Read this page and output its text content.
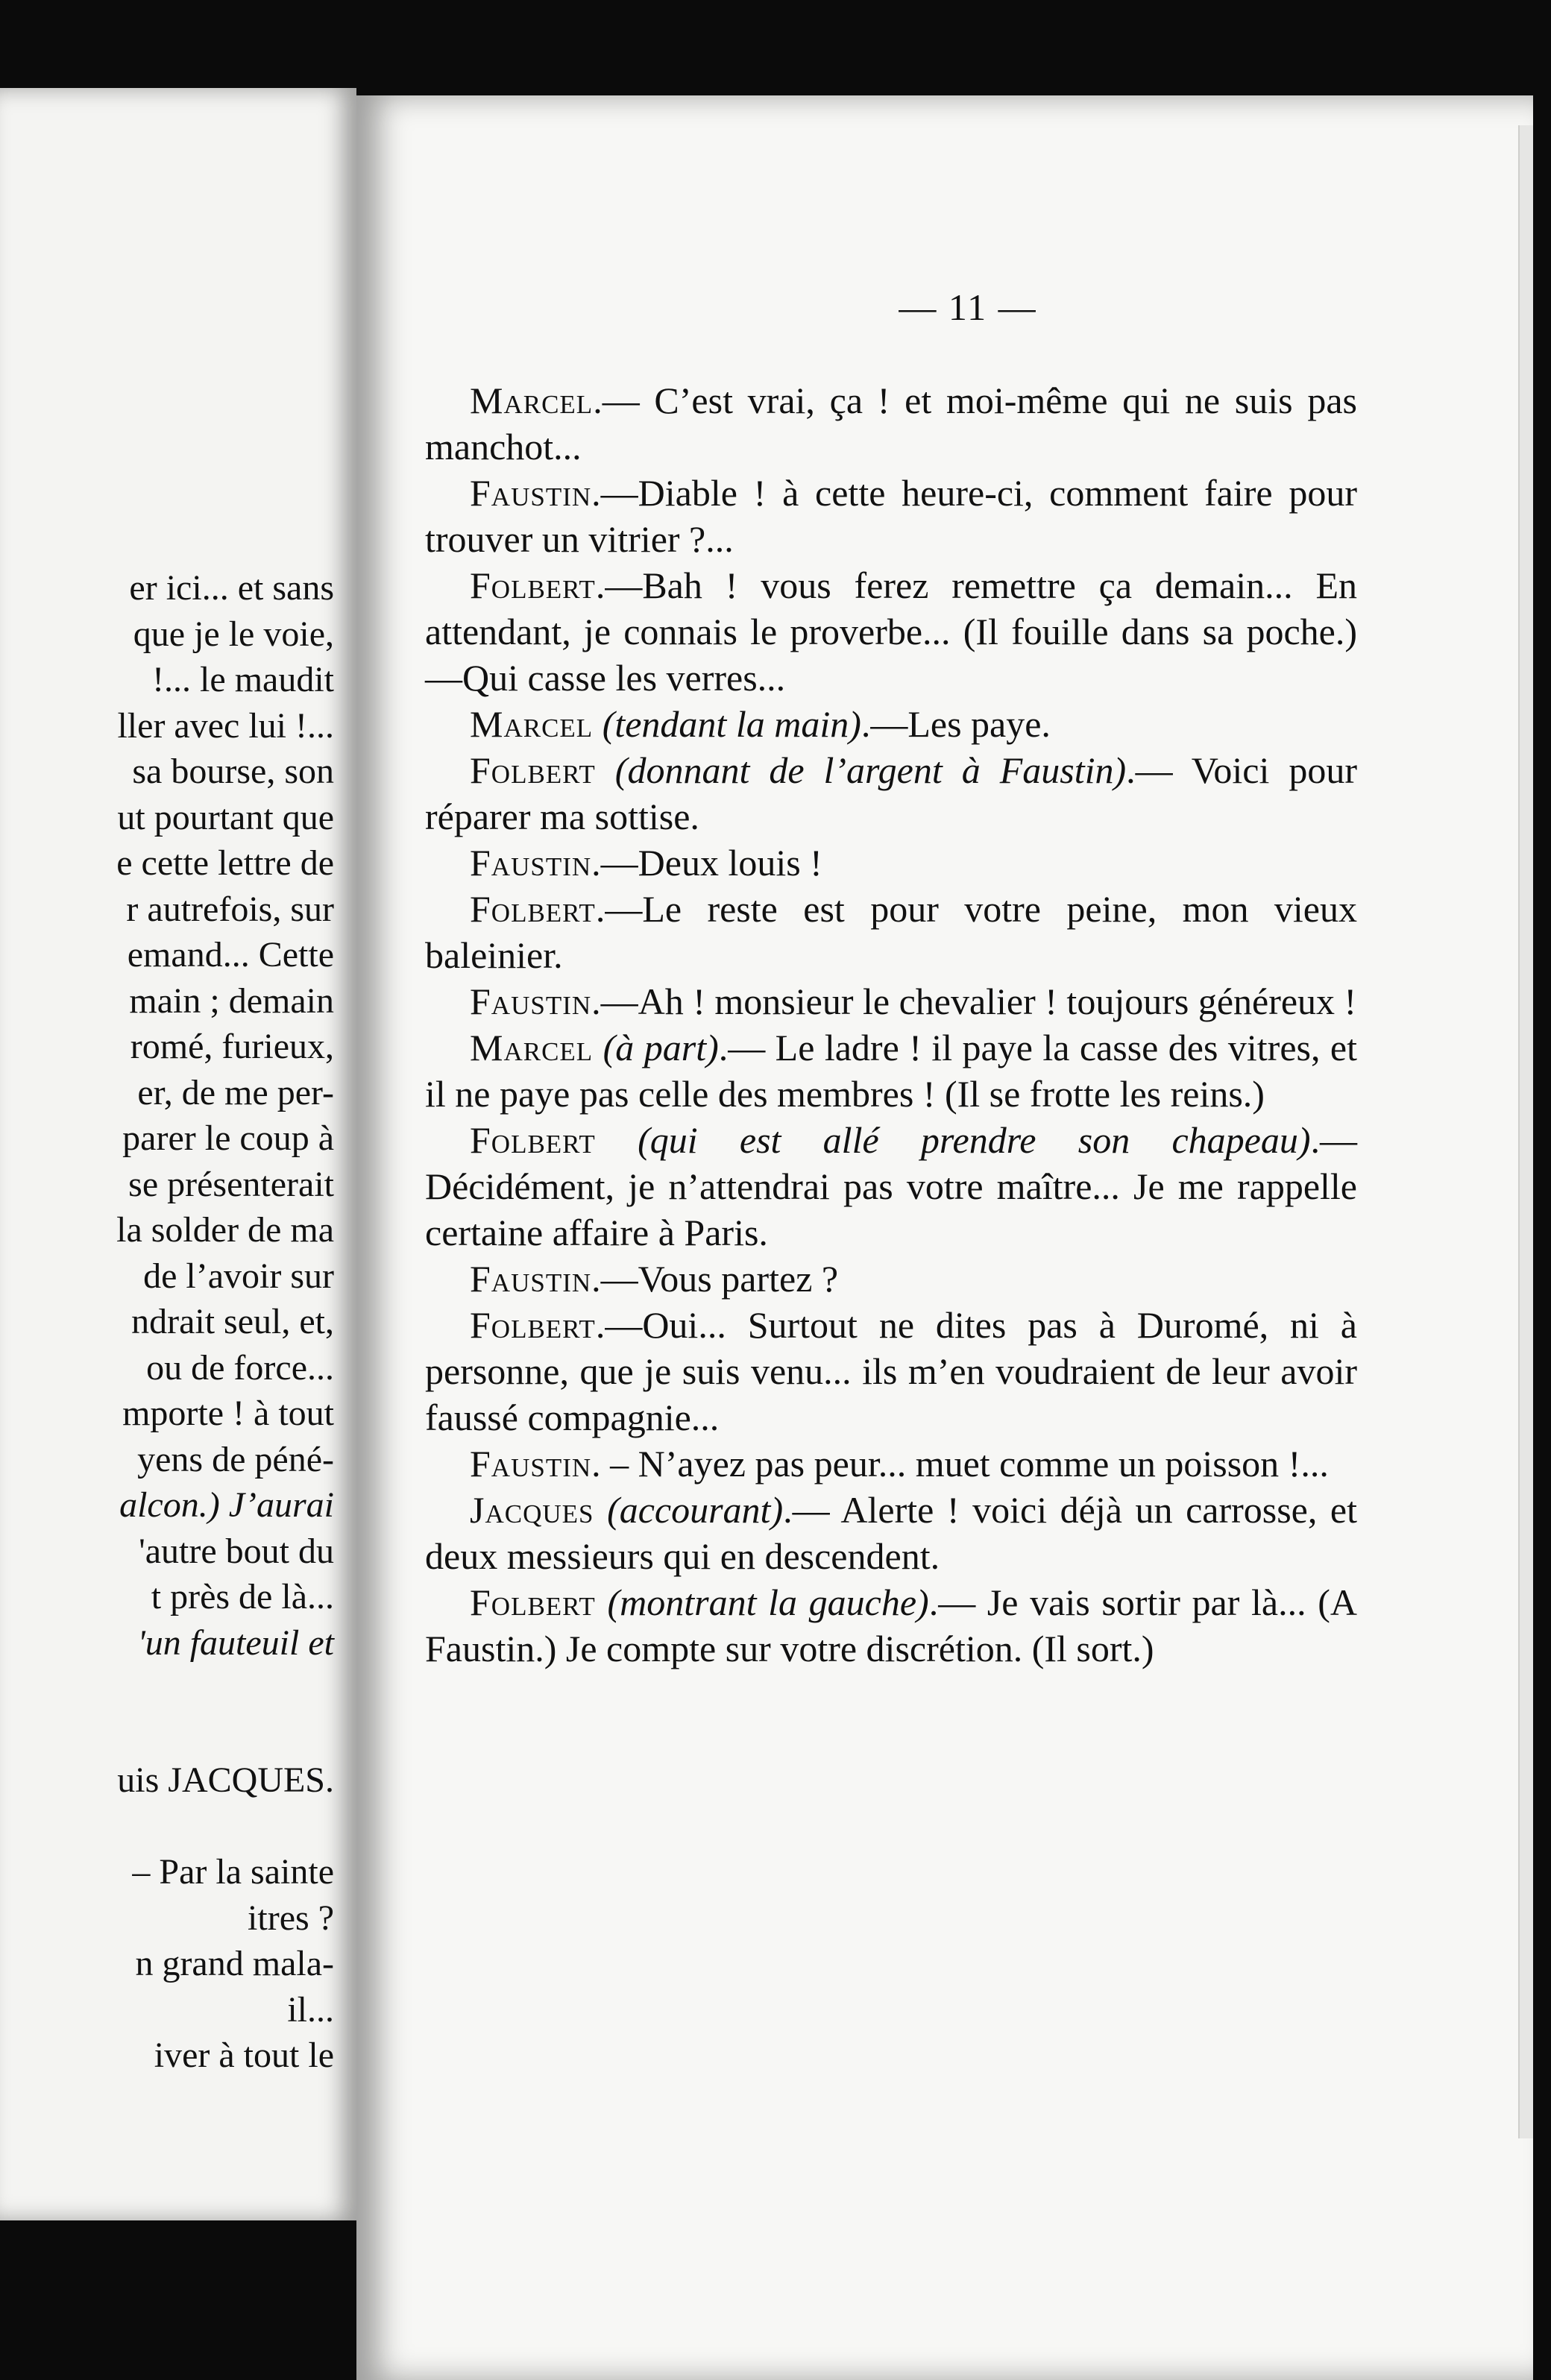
er ici... et sans
que je le voie,
!... le maudit
ller avec lui !...
sa bourse, son
ut pourtant que
e cette lettre de
r autrefois, sur
emand... Cette
main ; demain
romé, furieux,
er, de me per-
parer le coup à
se présenterait
la solder de ma
de l’avoir sur
ndrait seul, et,
ou de force...
mporte ! à tout
yens de péné-
alcon.) J’aurai
'autre bout du
t près de là...
'un fauteuil et
uis JACQUES.
– Par la sainte
itres ?
n grand mala-
il...
iver à tout le
— 11 —

Marcel.— C’est vrai, ça ! et moi-même qui ne suis pas manchot...

Faustin.—Diable ! à cette heure-ci, comment faire pour trouver un vitrier ?...

Folbert.—Bah ! vous ferez remettre ça demain... En attendant, je connais le proverbe... (Il fouille dans sa poche.)—Qui casse les verres...

Marcel (tendant la main).—Les paye.

Folbert (donnant de l’argent à Faustin).— Voici pour réparer ma sottise.

Faustin.—Deux louis !

Folbert.—Le reste est pour votre peine, mon vieux baleinier.

Faustin.—Ah ! monsieur le chevalier ! toujours généreux !

Marcel (à part).— Le ladre ! il paye la casse des vitres, et il ne paye pas celle des membres ! (Il se frotte les reins.)

Folbert (qui est allé prendre son chapeau).— Décidément, je n’attendrai pas votre maître... Je me rappelle certaine affaire à Paris.

Faustin.—Vous partez ?

Folbert.—Oui... Surtout ne dites pas à Duromé, ni à personne, que je suis venu... ils m’en voudraient de leur avoir faussé compagnie...

Faustin. – N’ayez pas peur... muet comme un poisson !...

Jacques (accourant).— Alerte ! voici déjà un carrosse, et deux messieurs qui en descendent.

Folbert (montrant la gauche).— Je vais sortir par là... (A Faustin.) Je compte sur votre discrétion. (Il sort.)
